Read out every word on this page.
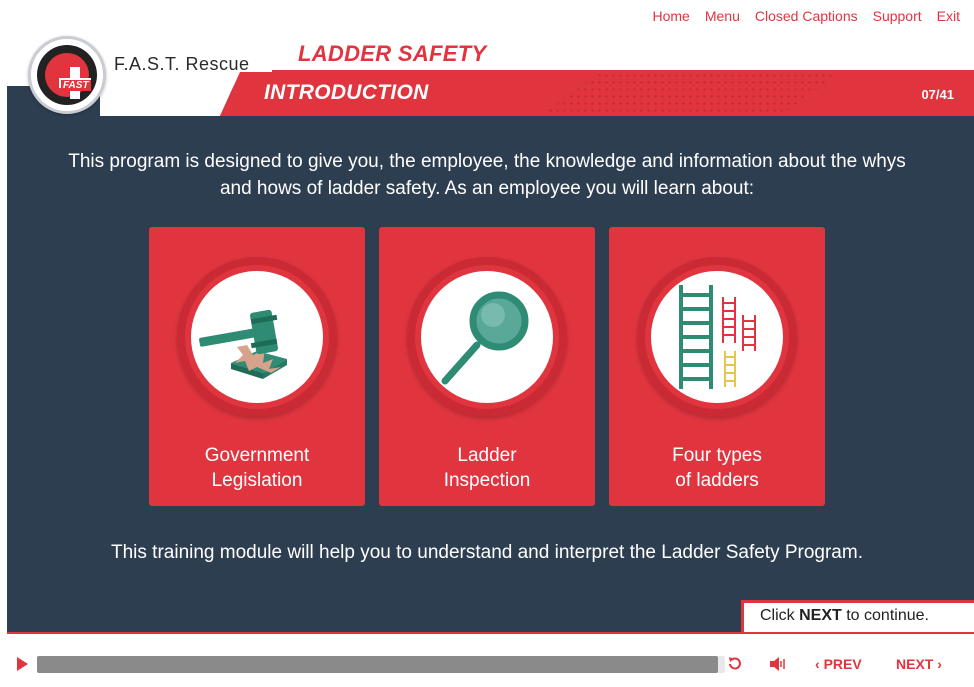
Home Menu Closed Captions Support Exit
INTRODUCTION	07/41
FAST
F.A.S.T. Rescue LADDER SAFETY

This program is designed to give you, the employee, the knowledge and information about the whys and hows of ladder safety. As an employee you will learn about:

Government
Legislation
Ladder
Inspection
Four types
of ladders

This training module will help you to understand and interpret the Ladder Safety Program.

Click NEXT to continue.
‹ PREV NEXT ›
